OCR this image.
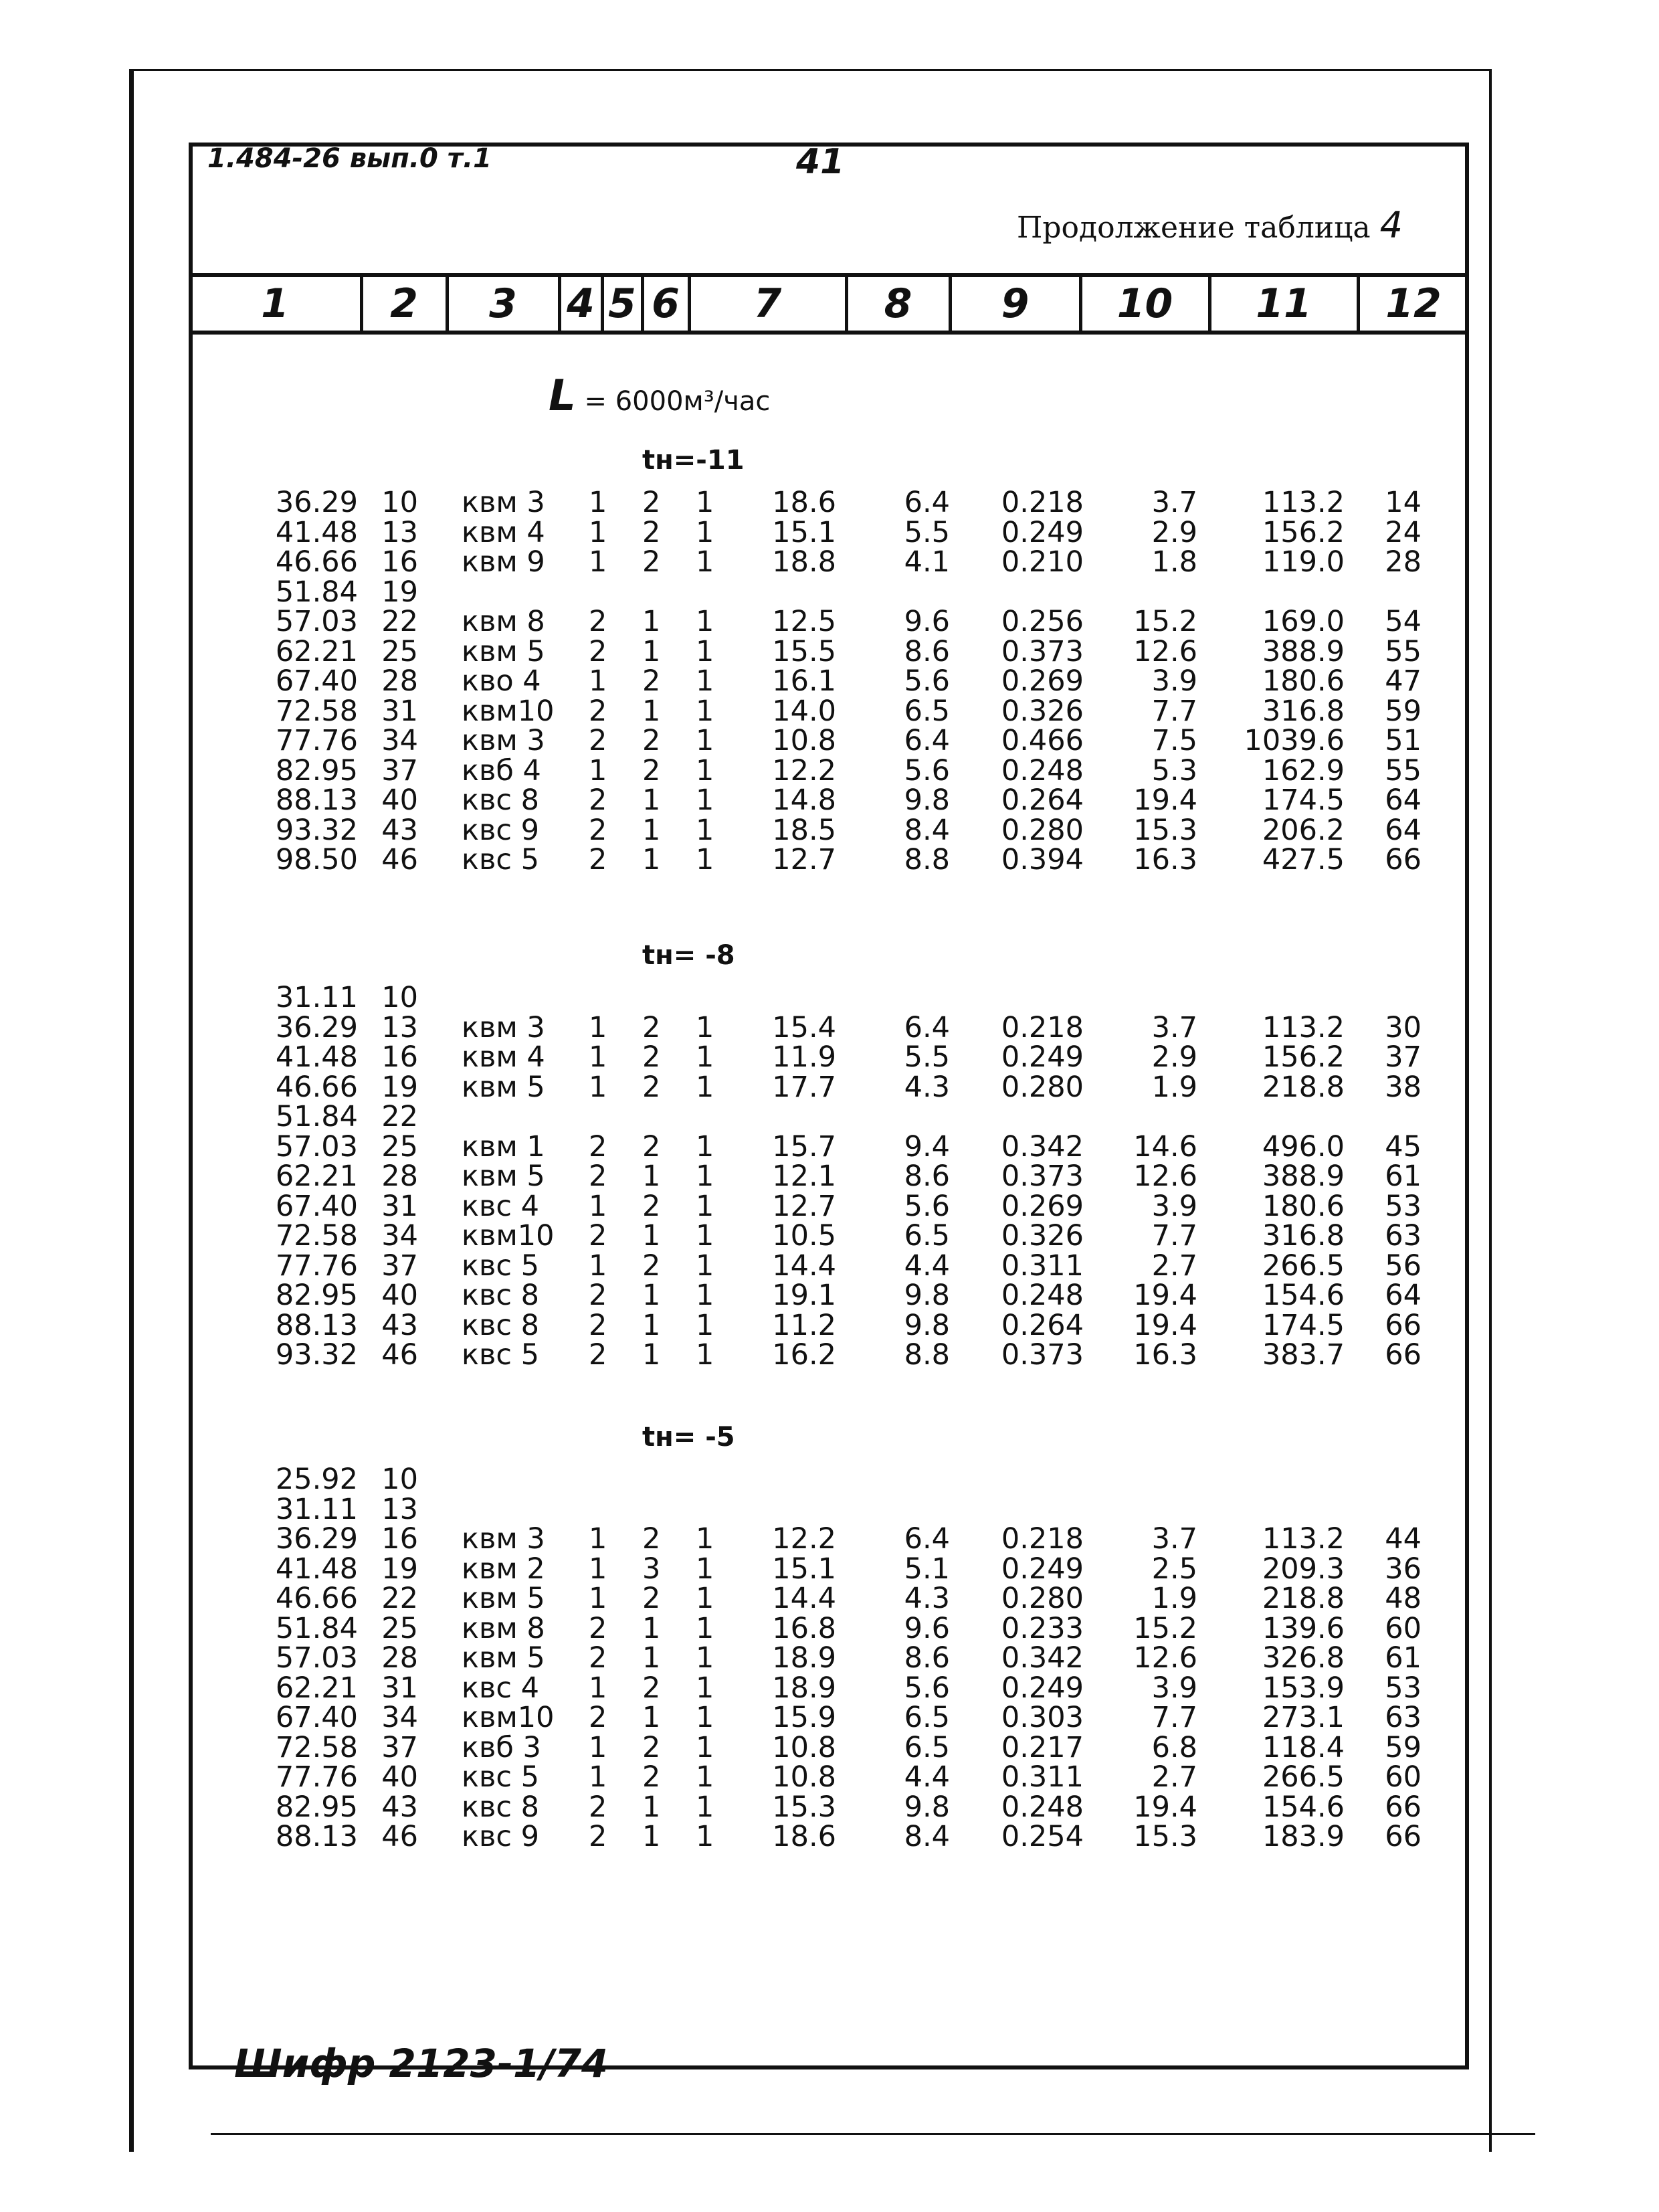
1.484-26 вып.0 т.1	41
Продолжение таблица 4
1	2	3	4 5 6	7	8	9	10	11	12
L = 6000м³/час
tн=-11
36.29 10 квм 3 1 2 1	18.6	6.4	0.218	3.7	113.2	14
41.48 13 квм 4 1 2 1	15.1	5.5	0.249	2.9	156.2	24
46.66 16 квм 9 1 2 1	18.8	4.1	0.210	1.8	119.0	28
51.84 19
57.03 22 квм 8 2 1 1	12.5	9.6	0.256	15.2	169.0	54
62.21 25 квм 5 2 1 1	15.5	8.6	0.373	12.6	388.9	55
67.40 28 кво 4 1 2 1	16.1	5.6	0.269	3.9	180.6	47
72.58 31 квм10 2 1 1	14.0	6.5	0.326	7.7	316.8	59
77.76 34 квм 3 2 2 1	10.8	6.4	0.466	7.5	1039.6	51
82.95 37 квб 4 1 2 1	12.2	5.6	0.248	5.3	162.9	55
88.13 40 квс 8 2 1 1	14.8	9.8	0.264	19.4	174.5	64
93.32 43 квс 9 2 1 1	18.5	8.4	0.280	15.3	206.2	64
98.50 46 квс 5 2 1 1	12.7	8.8	0.394	16.3	427.5	66
tн= -8
31.11 10
36.29 13 квм 3 1 2 1	15.4	6.4	0.218	3.7	113.2	30
41.48 16 квм 4 1 2 1	11.9	5.5	0.249	2.9	156.2	37
46.66 19 квм 5 1 2 1	17.7	4.3	0.280	1.9	218.8	38
51.84 22
57.03 25 квм 1 2 2 1	15.7	9.4	0.342	14.6	496.0	45
62.21 28 квм 5 2 1 1	12.1	8.6	0.373	12.6	388.9	61
67.40 31 квс 4 1 2 1	12.7	5.6	0.269	3.9	180.6	53
72.58 34 квм10 2 1 1	10.5	6.5	0.326	7.7	316.8	63
77.76 37 квс 5 1 2 1	14.4	4.4	0.311	2.7	266.5	56
82.95 40 квс 8 2 1 1	19.1	9.8	0.248	19.4	154.6	64
88.13 43 квс 8 2 1 1	11.2	9.8	0.264	19.4	174.5	66
93.32 46 квс 5 2 1 1	16.2	8.8	0.373	16.3	383.7	66
tн= -5
25.92 10
31.11 13
36.29 16 квм 3 1 2 1	12.2	6.4	0.218	3.7	113.2	44
41.48 19 квм 2 1 3 1	15.1	5.1	0.249	2.5	209.3	36
46.66 22 квм 5 1 2 1	14.4	4.3	0.280	1.9	218.8	48
51.84 25 квм 8 2 1 1	16.8	9.6	0.233	15.2	139.6	60
57.03 28 квм 5 2 1 1	18.9	8.6	0.342	12.6	326.8	61
62.21 31 квс 4 1 2 1	18.9	5.6	0.249	3.9	153.9	53
67.40 34 квм10 2 1 1	15.9	6.5	0.303	7.7	273.1	63
72.58 37 квб 3 1 2 1	10.8	6.5	0.217	6.8	118.4	59
77.76 40 квс 5 1 2 1	10.8	4.4	0.311	2.7	266.5	60
82.95 43 квс 8 2 1 1	15.3	9.8	0.248	19.4	154.6	66
88.13 46 квс 9 2 1 1	18.6	8.4	0.254	15.3	183.9	66
Шифр 2123-1/74
